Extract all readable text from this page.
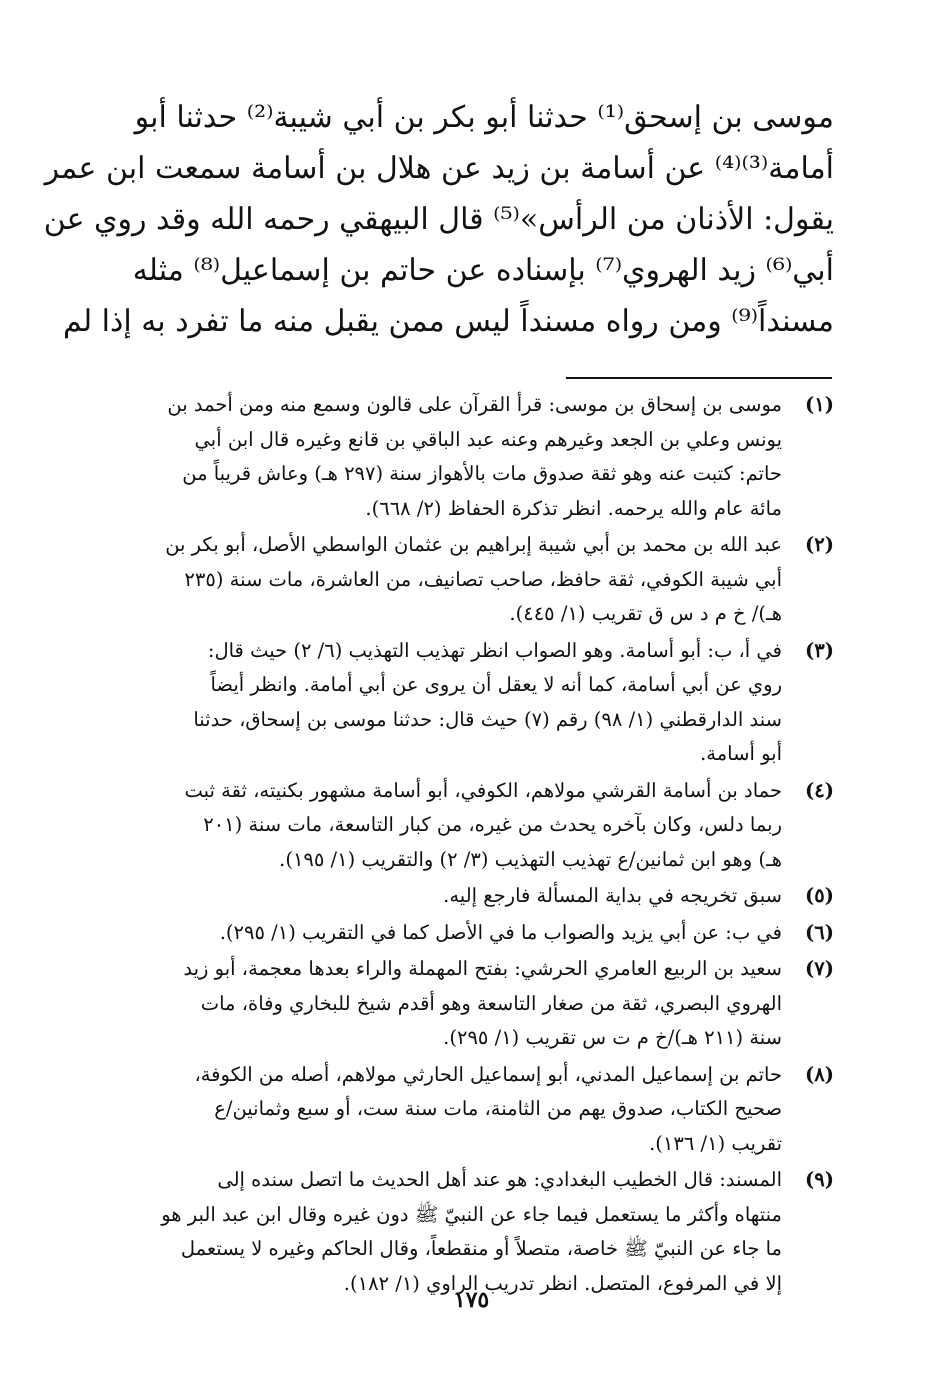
موسى بن إسحق⁽¹⁾ حدثنا أبو بكر بن أبي شيبة⁽²⁾ حدثنا أبو
أمامة⁽³⁾⁽⁴⁾ عن أسامة بن زيد عن هلال بن أسامة سمعت ابن عمر
يقول: الأذنان من الرأس»⁽⁵⁾ قال البيهقي رحمه الله وقد روي عن
أبي⁽⁶⁾ زيد الهروي⁽⁷⁾ بإسناده عن حاتم بن إسماعيل⁽⁸⁾ مثله
مسنداً⁽⁹⁾ ومن رواه مسنداً ليس ممن يقبل منه ما تفرد به إذا لم
(١)
موسى بن إسحاق بن موسى: قرأ القرآن على قالون وسمع منه ومن أحمد بن
يونس وعلي بن الجعد وغيرهم وعنه عبد الباقي بن قانع وغيره قال ابن أبي
حاتم: كتبت عنه وهو ثقة صدوق مات بالأهواز سنة (٢٩٧ هـ) وعاش قريباً من
مائة عام والله يرحمه. انظر تذكرة الحفاظ (٢/ ٦٦٨).
(٢)
عبد الله بن محمد بن أبي شيبة إبراهيم بن عثمان الواسطي الأصل، أبو بكر بن
أبي شيبة الكوفي، ثقة حافظ، صاحب تصانيف، من العاشرة، مات سنة (٢٣٥
هـ)/ خ م د س ق تقريب (١/ ٤٤٥).
(٣)
في أ، ب: أبو أسامة. وهو الصواب انظر تهذيب التهذيب (٦/ ٢) حيث قال:
روي عن أبي أسامة، كما أنه لا يعقل أن يروى عن أبي أمامة. وانظر أيضاً
سند الدارقطني (١/ ٩٨) رقم (٧) حيث قال: حدثنا موسى بن إسحاق، حدثنا
أبو أسامة.
(٤)
حماد بن أسامة القرشي مولاهم، الكوفي، أبو أسامة مشهور بكنيته، ثقة ثبت
ربما دلس، وكان بآخره يحدث من غيره، من كبار التاسعة، مات سنة (٢٠١
هـ) وهو ابن ثمانين/ع تهذيب التهذيب (٣/ ٢) والتقريب (١/ ١٩٥).
(٥)
سبق تخريجه في بداية المسألة فارجع إليه.
(٦)
في ب: عن أبي يزيد والصواب ما في الأصل كما في التقريب (١/ ٢٩٥).
(٧)
سعيد بن الربيع العامري الحرشي: بفتح المهملة والراء بعدها معجمة، أبو زيد
الهروي البصري، ثقة من صغار التاسعة وهو أقدم شيخ للبخاري وفاة، مات
سنة (٢١١ هـ)/خ م ت س تقريب (١/ ٢٩٥).
(٨)
حاتم بن إسماعيل المدني، أبو إسماعيل الحارثي مولاهم، أصله من الكوفة،
صحيح الكتاب، صدوق يهم من الثامنة، مات سنة ست، أو سبع وثمانين/ع
تقريب (١/ ١٣٦).
(٩)
المسند: قال الخطيب البغدادي: هو عند أهل الحديث ما اتصل سنده إلى
منتهاه وأكثر ما يستعمل فيما جاء عن النبيّ ﷺ دون غيره وقال ابن عبد البر هو
ما جاء عن النبيّ ﷺ خاصة، متصلاً أو منقطعاً، وقال الحاكم وغيره لا يستعمل
إلا في المرفوع، المتصل. انظر تدريب الراوي (١/ ١٨٢).
١٧٥
